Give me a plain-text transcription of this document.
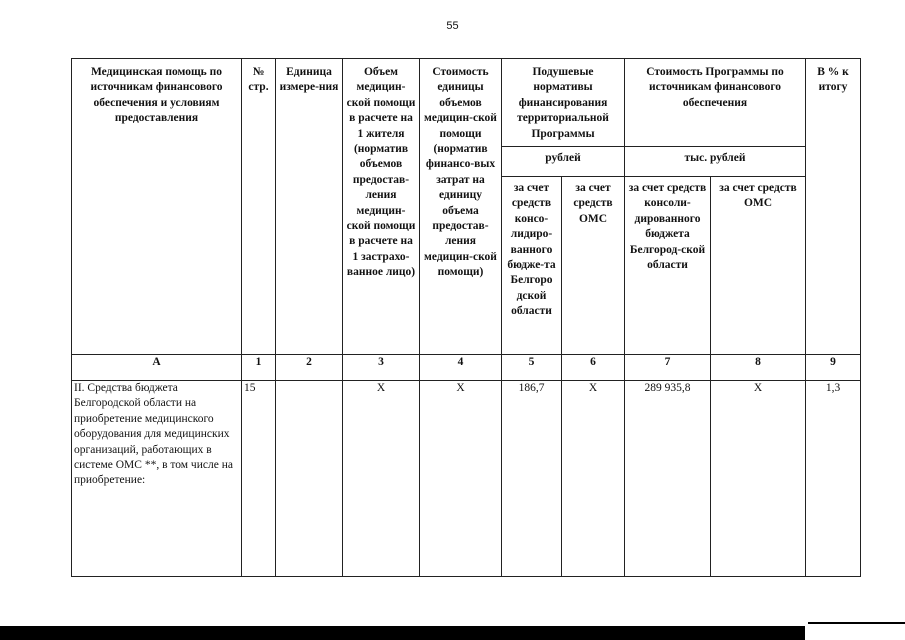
55
Медицинская помощь по источникам финансового обеспечения и условиям предоставления	№ стр.	Единица измере-ния	Объем медицин-ской помощи в расчете на 1 жителя (норматив объемов предостав-ления медицин-ской помощи в расчете на 1 застрахо-ванное лицо)	Стоимость единицы объемов медицин-ской помощи (норматив финансо-вых затрат на единицу объема предостав-ления медицин-ской помощи)	Подушевые нормативы финансирования территориальной Программы		Стоимость Программы по источникам финансового обеспечения		В % к итогу
					рублей		тыс. рублей		
					за счет средств консо-лидиро-ванного бюдже-та Белгоро дской области	за счет средств ОМС	за счет средств консоли-дированного бюджета Белгород-ской области	за счет средств ОМС	
А	1	2	3	4	5	6	7	8	9
II. Средства бюджета Белгородской области на приобретение медицинского оборудования для медицинских организаций, работающих в системе ОМС **, в том числе на приобретение:	15		Х	Х	186,7	Х	289 935,8	Х	1,3
